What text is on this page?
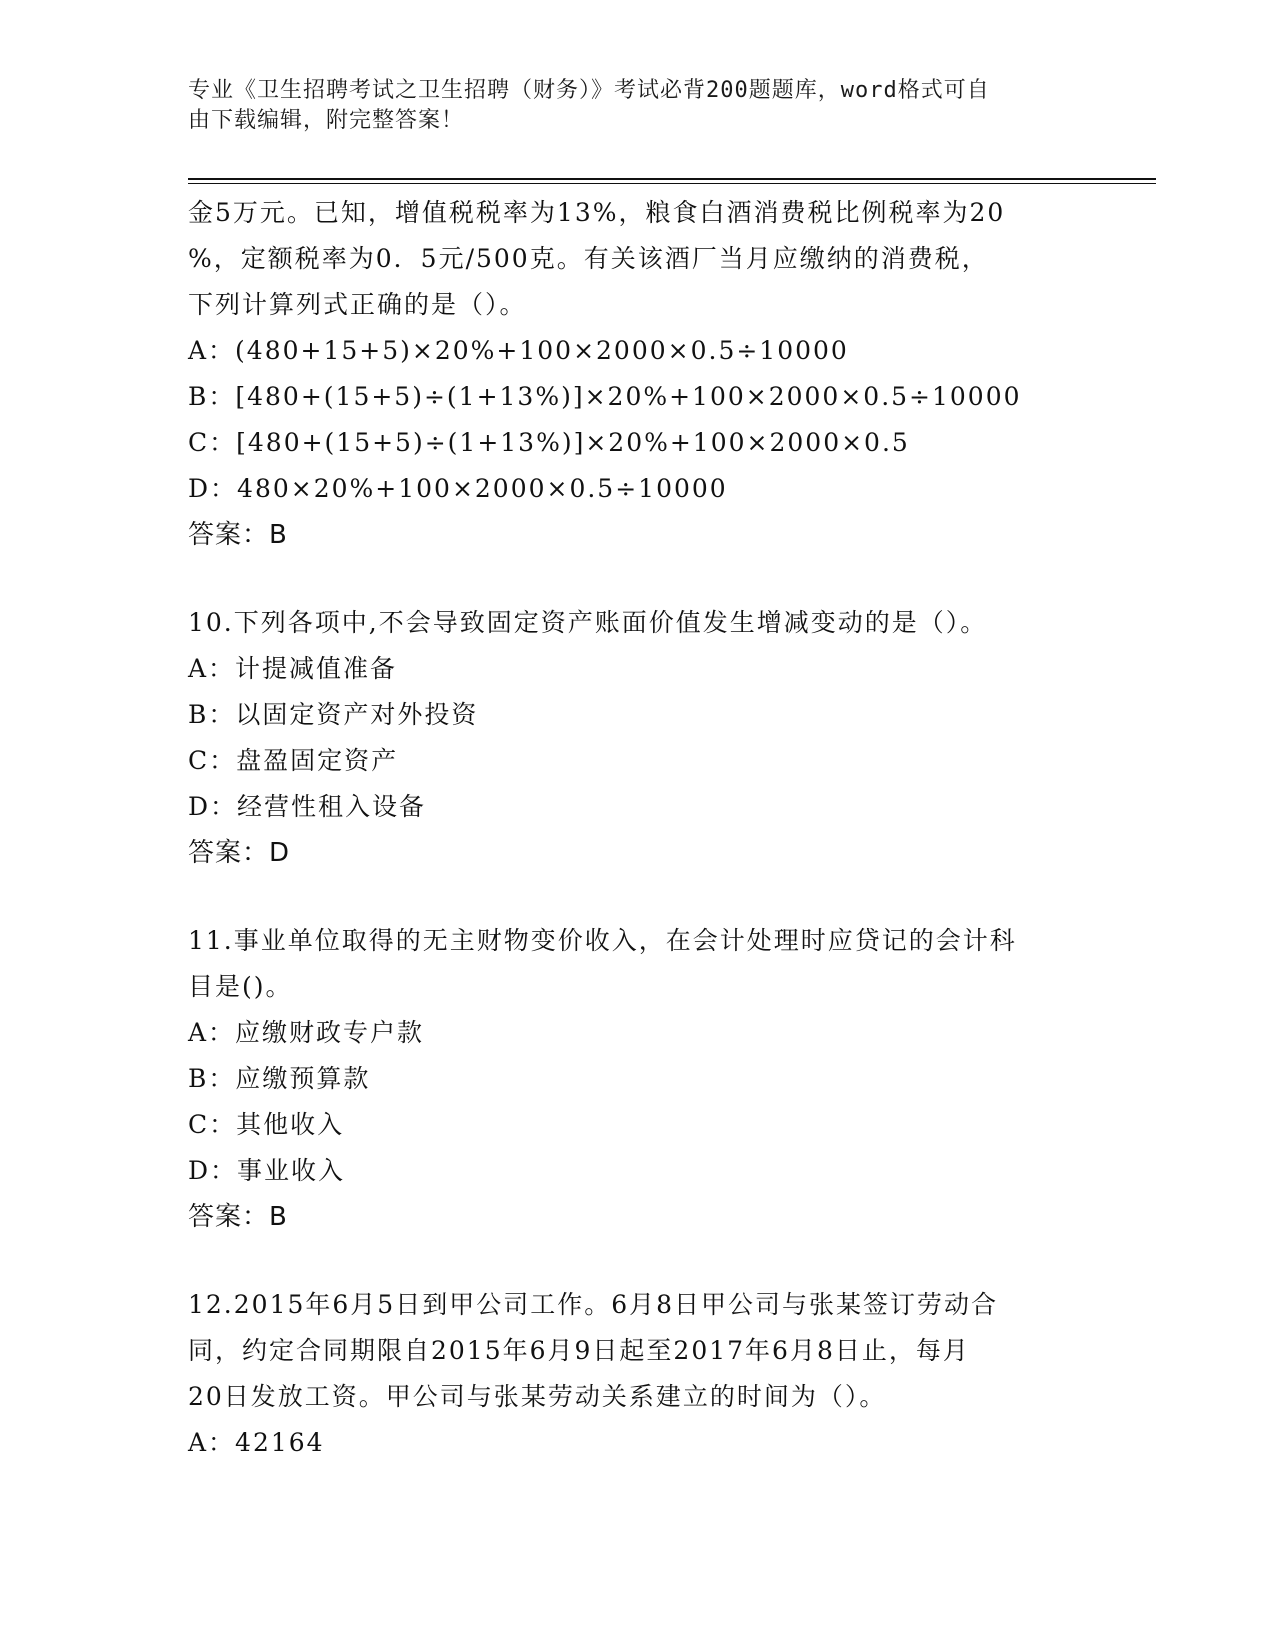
专业《卫生招聘考试之卫生招聘（财务）》考试必背200题题库，word格式可自
由下载编辑，附完整答案！
金5万元。已知，增值税税率为13%，粮食白酒消费税比例税率为20
%，定额税率为0．5元/500克。有关该酒厂当月应缴纳的消费税，
下列计算列式正确的是（）。
A：(480+15+5)×20%+100×2000×0.5÷10000
B：[480+(15+5)÷(1+13%)]×20%+100×2000×0.5÷10000
C：[480+(15+5)÷(1+13%)]×20%+100×2000×0.5
D：480×20%+100×2000×0.5÷10000
答案：B
10.下列各项中,不会导致固定资产账面价值发生增减变动的是（）。
A：计提减值准备
B：以固定资产对外投资
C：盘盈固定资产
D：经营性租入设备
答案：D
11.事业单位取得的无主财物变价收入，在会计处理时应贷记的会计科
目是()。
A：应缴财政专户款
B：应缴预算款
C：其他收入
D：事业收入
答案：B
12.2015年6月5日到甲公司工作。6月8日甲公司与张某签订劳动合
同，约定合同期限自2015年6月9日起至2017年6月8日止，每月
20日发放工资。甲公司与张某劳动关系建立的时间为（）。
A：42164
